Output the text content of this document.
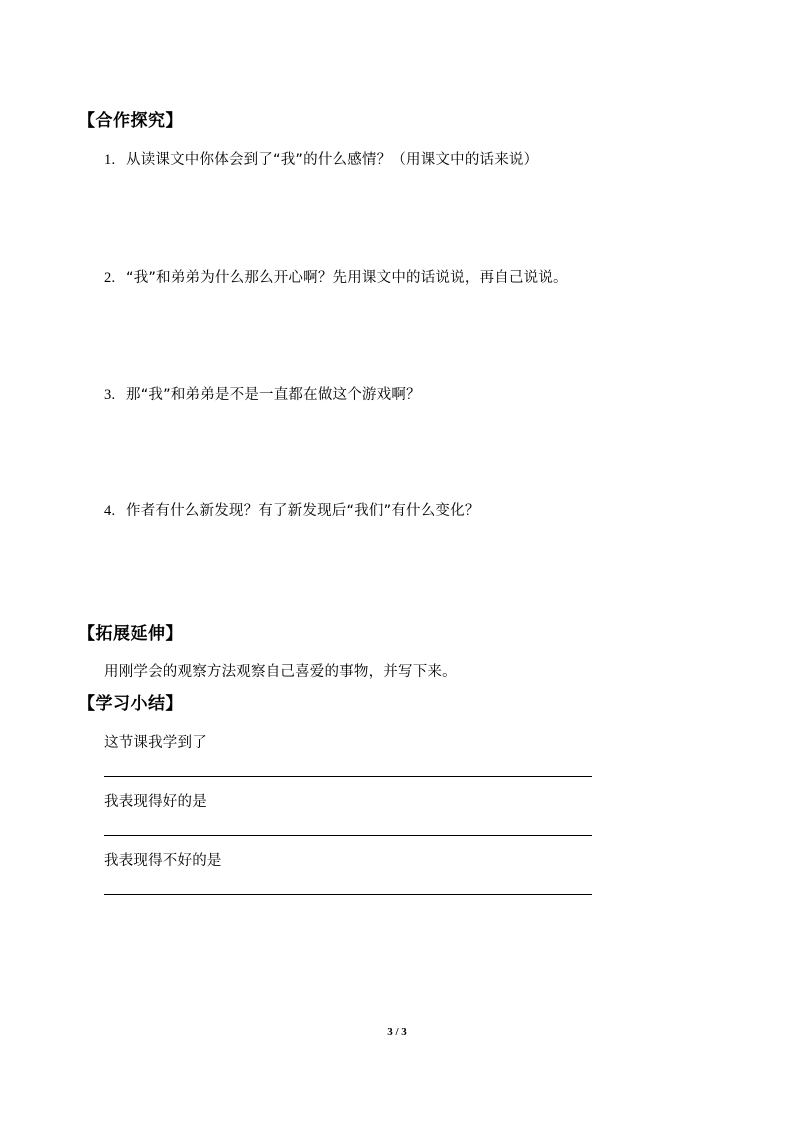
【合作探究】
1. 从读课文中你体会到了“我”的什么感情？（用课文中的话来说）
2. “我”和弟弟为什么那么开心啊？先用课文中的话说说，再自己说说。
3. 那“我”和弟弟是不是一直都在做这个游戏啊？
4. 作者有什么新发现？有了新发现后“我们”有什么变化？
【拓展延伸】
用刚学会的观察方法观察自己喜爱的事物，并写下来。
【学习小结】
这节课我学到了
我表现得好的是
我表现得不好的是
3 / 3
